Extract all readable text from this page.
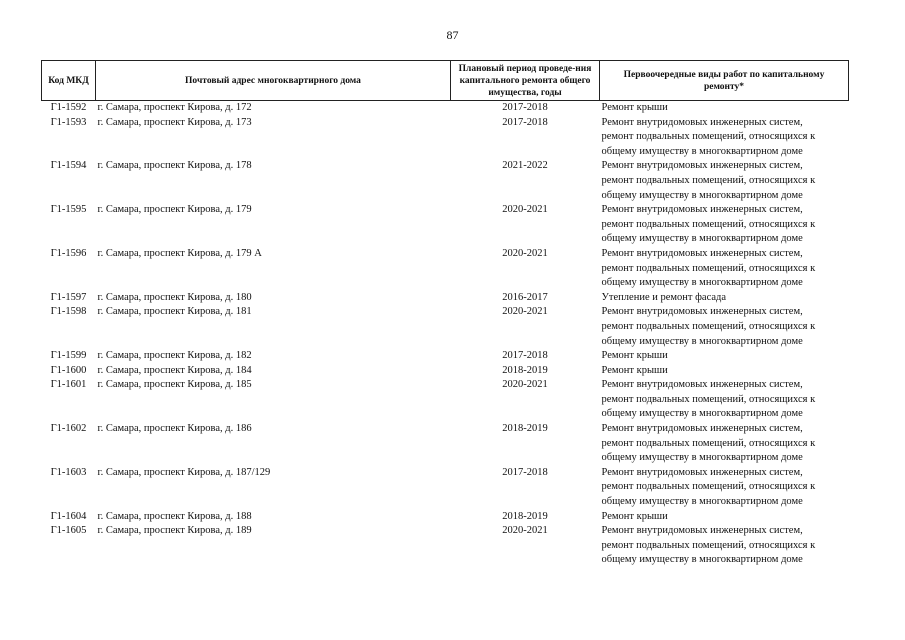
87
Код МКД	Почтовый адрес многоквартирного дома	Плановый период проведе-ния капитального ремонта общего имущества, годы	Первоочередные виды работ по капитальному ремонту*
Г1-1592	г. Самара, проспект Кирова, д. 172	2017-2018	Ремонт крыши

Г1-1593	г. Самара, проспект Кирова, д. 173	2017-2018	Ремонт внутридомовых инженерных систем,
ремонт подвальных помещений, относящихся к
общему имуществу в многоквартирном доме

Г1-1594	г. Самара, проспект Кирова, д. 178	2021-2022	Ремонт внутридомовых инженерных систем,
ремонт подвальных помещений, относящихся к
общему имуществу в многоквартирном доме

Г1-1595	г. Самара, проспект Кирова, д. 179	2020-2021	Ремонт внутридомовых инженерных систем,
ремонт подвальных помещений, относящихся к
общему имуществу в многоквартирном доме

Г1-1596	г. Самара, проспект Кирова, д. 179 А	2020-2021	Ремонт внутридомовых инженерных систем,
ремонт подвальных помещений, относящихся к
общему имуществу в многоквартирном доме

Г1-1597	г. Самара, проспект Кирова, д. 180	2016-2017	Утепление и ремонт фасада

Г1-1598	г. Самара, проспект Кирова, д. 181	2020-2021	Ремонт внутридомовых инженерных систем,
ремонт подвальных помещений, относящихся к
общему имуществу в многоквартирном доме

Г1-1599	г. Самара, проспект Кирова, д. 182	2017-2018	Ремонт крыши

Г1-1600	г. Самара, проспект Кирова, д. 184	2018-2019	Ремонт крыши

Г1-1601	г. Самара, проспект Кирова, д. 185	2020-2021	Ремонт внутридомовых инженерных систем,
ремонт подвальных помещений, относящихся к
общему имуществу в многоквартирном доме

Г1-1602	г. Самара, проспект Кирова, д. 186	2018-2019	Ремонт внутридомовых инженерных систем,
ремонт подвальных помещений, относящихся к
общему имуществу в многоквартирном доме

Г1-1603	г. Самара, проспект Кирова, д. 187/129	2017-2018	Ремонт внутридомовых инженерных систем,
ремонт подвальных помещений, относящихся к
общему имуществу в многоквартирном доме

Г1-1604	г. Самара, проспект Кирова, д. 188	2018-2019	Ремонт крыши

Г1-1605	г. Самара, проспект Кирова, д. 189	2020-2021	Ремонт внутридомовых инженерных систем,
ремонт подвальных помещений, относящихся к
общему имуществу в многоквартирном доме
